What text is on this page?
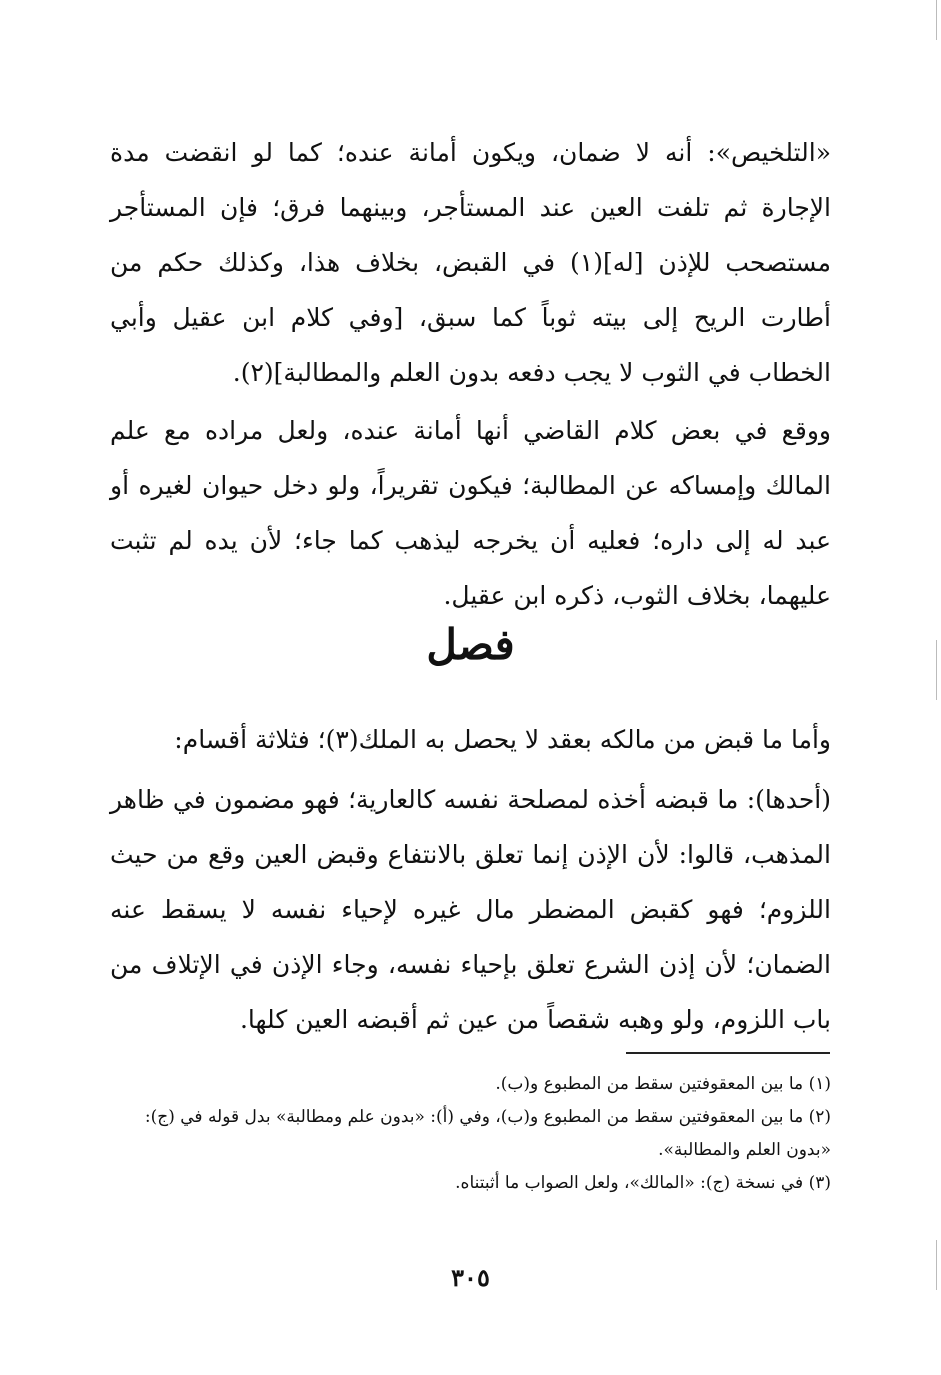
«التلخيص»: أنه لا ضمان، ويكون أمانة عنده؛ كما لو انقضت مدة الإجارة ثم تلفت العين عند المستأجر، وبينهما فرق؛ فإن المستأجر مستصحب للإذن [له](١) في القبض، بخلاف هذا، وكذلك حكم من أطارت الريح إلى بيته ثوباً كما سبق، [وفي كلام ابن عقيل وأبي الخطاب في الثوب لا يجب دفعه بدون العلم والمطالبة](٢).

ووقع في بعض كلام القاضي أنها أمانة عنده، ولعل مراده مع علم المالك وإمساكه عن المطالبة؛ فيكون تقريراً، ولو دخل حيوان لغيره أو عبد له إلى داره؛ فعليه أن يخرجه ليذهب كما جاء؛ لأن يده لم تثبت عليهما، بخلاف الثوب، ذكره ابن عقيل.

فصل

وأما ما قبض من مالكه بعقد لا يحصل به الملك(٣)؛ فثلاثة أقسام:

(أحدها): ما قبضه أخذه لمصلحة نفسه كالعارية؛ فهو مضمون في ظاهر المذهب، قالوا: لأن الإذن إنما تعلق بالانتفاع وقبض العين وقع من حيث اللزوم؛ فهو كقبض المضطر مال غيره لإحياء نفسه لا يسقط عنه الضمان؛ لأن إذن الشرع تعلق بإحياء نفسه، وجاء الإذن في الإتلاف من باب اللزوم، ولو وهبه شقصاً من عين ثم أقبضه العين كلها.

(١) ما بين المعقوفتين سقط من المطبوع و(ب).

(٢) ما بين المعقوفتين سقط من المطبوع و(ب)، وفي (أ): «بدون علم ومطالبة» بدل قوله في (ج): «بدون العلم والمطالبة».

(٣) في نسخة (ج): «المالك»، ولعل الصواب ما أثبتناه.

٣٠٥
